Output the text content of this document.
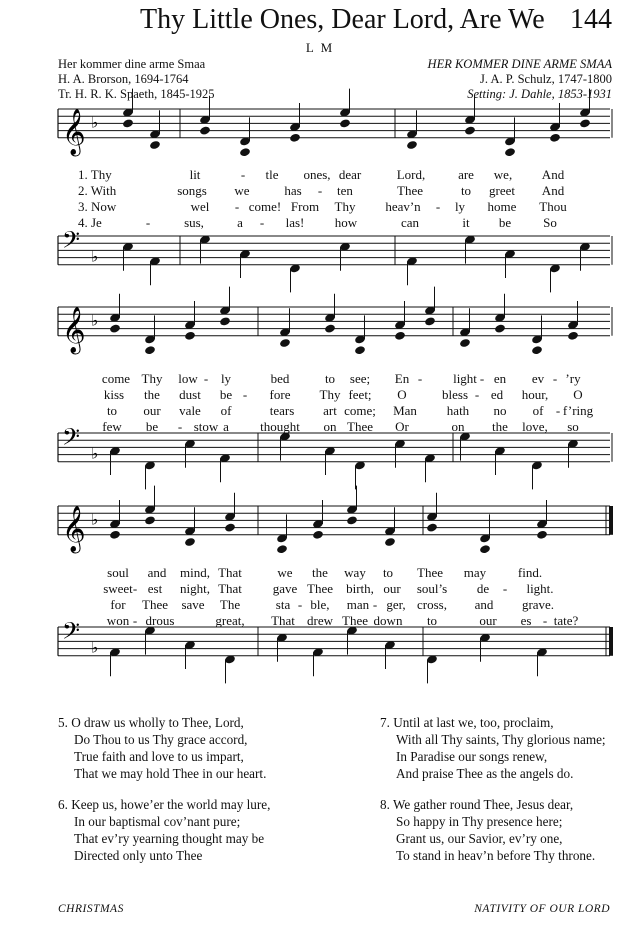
Thy Little Ones, Dear Lord, Are We 144
L M
Her kommer dine arme Smaa
H. A. Brorson, 1694-1764
Tr. H. R. K. Spaeth, 1845-1925
HER KOMMER DINE ARME SMAA
J. A. P. Schulz, 1747-1800
Setting: J. Dahle, 1853-1931
𝄞 ♭
𝄞 ♭
𝄞 ♭
𝄢 ♭
𝄢 ♭
𝄢 ♭
1. Thy	lit	- tle ones, dear	Lord,	are we, And
2. With	songs we	has - ten	Thee	to greet And
3. Now	wel - come! From Thy heav’n - ly home Thou
4. Je	-	sus,	a - las! how	can	it be So
come Thy low - ly	bed	to see; En - light - en ev - ’ry
kiss the dust be - fore Thy feet; O	bless - ed hour, O
to our vale of	tears art come; Man hath no of - f’ring
few be - stow a thought on Thee Or	on the love, so
soul and mind, That	we the way to Thee may find.
sweet - est night, That gave Thee birth, our soul’s de - light.
for Thee save The	sta - ble, man - ger, cross, and grave.
won - drous	great, That drew Thee down to	our es - tate?
5. O draw us wholly to Thee, Lord,
Do Thou to us Thy grace accord,
True faith and love to us impart,
That we may hold Thee in our heart.
6. Keep us, howe’er the world may lure,
In our baptismal cov’nant pure;
That ev’ry yearning thought may be
Directed only unto Thee
7. Until at last we, too, proclaim,
With all Thy saints, Thy glorious name;
In Paradise our songs renew,
And praise Thee as the angels do.
8. We gather round Thee, Jesus dear,
So happy in Thy presence here;
Grant us, our Savior, ev’ry one,
To stand in heav’n before Thy throne.
CHRISTMAS	NATIVITY OF OUR LORD
